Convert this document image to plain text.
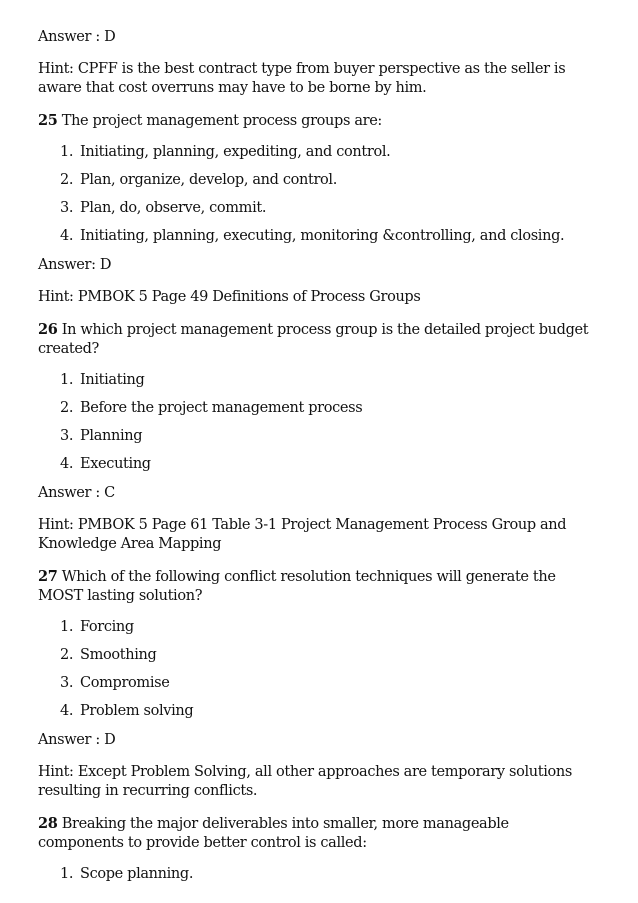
Answer : D

Hint: CPFF is the best contract type from buyer perspective as the seller is aware that cost overruns may have to be borne by him.

25 The project management process groups are:

1. Initiating, planning, expediting, and control.
2. Plan, organize, develop, and control.
3. Plan, do, observe, commit.
4. Initiating, planning, executing, monitoring &controlling, and closing.

Answer: D

Hint: PMBOK 5 Page 49 Definitions of Process Groups

26 In which project management process group is the detailed project budget created?

1. Initiating
2. Before the project management process
3. Planning
4. Executing

Answer : C

Hint: PMBOK 5 Page 61 Table 3-1 Project Management Process Group and Knowledge Area Mapping

27 Which of the following conflict resolution techniques will generate the MOST lasting solution?

1. Forcing
2. Smoothing
3. Compromise
4. Problem solving

Answer : D

Hint: Except Problem Solving, all other approaches are temporary solutions resulting in recurring conflicts.

28 Breaking the major deliverables into smaller, more manageable components to provide better control is called:

1. Scope planning.
